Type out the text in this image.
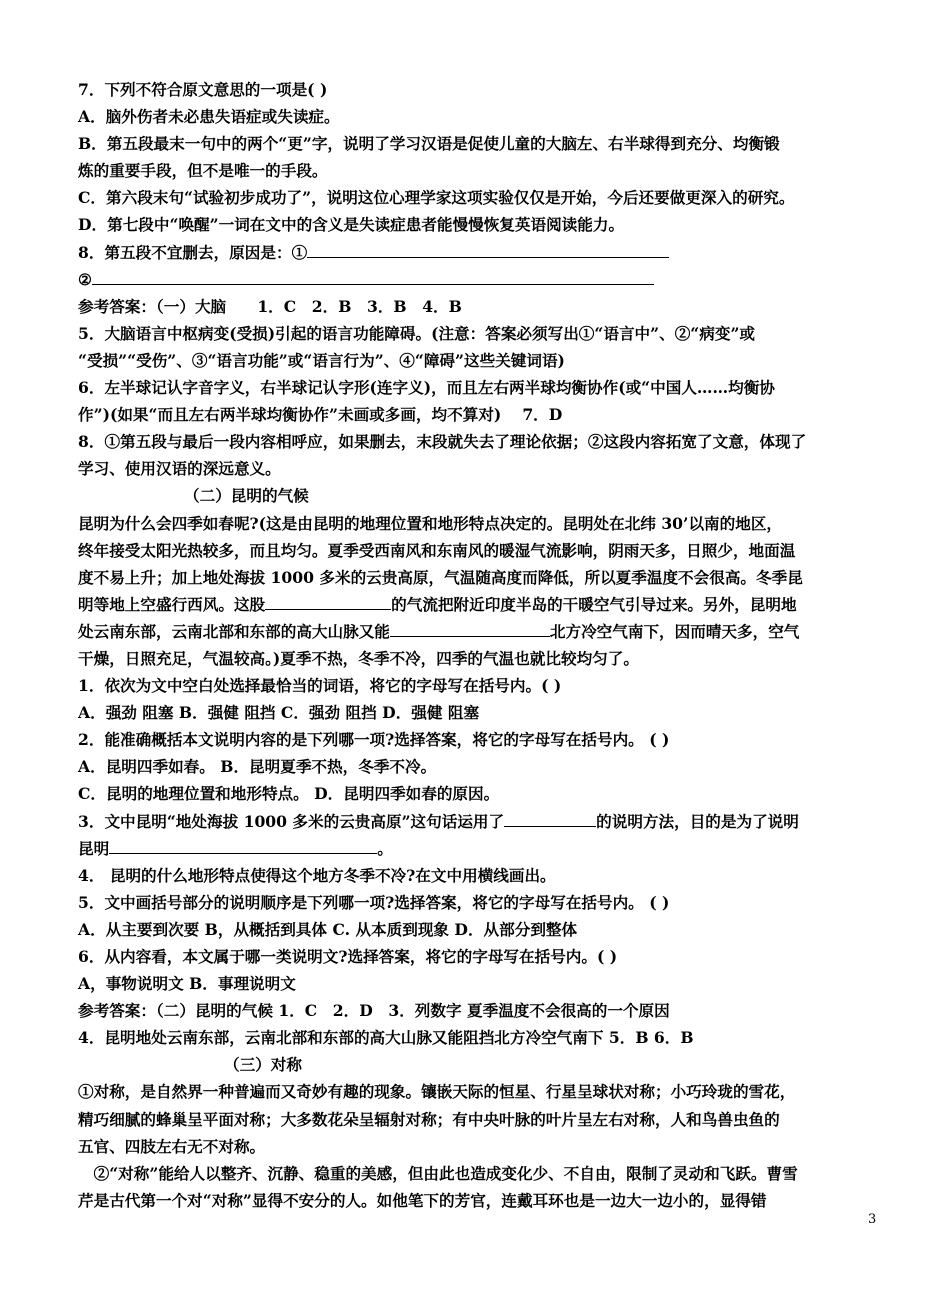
7．下列不符合原文意思的一项是( )
A．脑外伤者未必患失语症或失读症。
B．第五段最末一句中的两个“更”字，说明了学习汉语是促使儿童的大脑左、右半球得到充分、均衡锻
炼的重要手段，但不是唯一的手段。
C．第六段末句“试验初步成功了”，说明这位心理学家这项实验仅仅是开始，今后还要做更深入的研究。
D．第七段中“唤醒”一词在文中的含义是失读症患者能慢慢恢复英语阅读能力。
8．第五段不宜删去，原因是：①
②
参考答案：（一）大脑　　1．C　2．B　3．B　4．B
5．大脑语言中枢病变(受损)引起的语言功能障碍。(注意：答案必须写出①“语言中”、②“病变”或
“受损”“受伤”、③“语言功能”或“语言行为”、④“障碍”这些关键词语)
6．左半球记认字音字义，右半球记认字形(连字义)，而且左右两半球均衡协作(或“中国人……均衡协
作”)(如果“而且左右两半球均衡协作”未画或多画，均不算对)　 7．D
8．①第五段与最后一段内容相呼应，如果删去，末段就失去了理论依据；②这段内容拓宽了文意，体现了
学习、使用汉语的深远意义。
（二）昆明的气候
昆明为什么会四季如春呢?(这是由昆明的地理位置和地形特点决定的。昆明处在北纬 30’以南的地区，
终年接受太阳光热较多，而且均匀。夏季受西南风和东南风的暖湿气流影响，阴雨天多，日照少，地面温
度不易上升；加上地处海拔 1000 多米的云贵高原，气温随高度而降低，所以夏季温度不会很高。冬季昆
明等地上空盛行西风。这股	的气流把附近印度半岛的干暖空气引导过来。另外，昆明地
处云南东部，云南北部和东部的高大山脉又能	北方冷空气南下，因而晴天多，空气
干燥，日照充足，气温较高。)夏季不热，冬季不冷，四季的气温也就比较均匀了。
1．依次为文中空白处选择最恰当的词语，将它的字母写在括号内。( )
A．强劲 阻塞 B．强健 阻挡 C．强劲 阻挡 D．强健 阻塞
2．能准确概括本文说明内容的是下列哪一项?选择答案，将它的字母写在括号内。 ( )
A．昆明四季如春。 B．昆明夏季不热，冬季不冷。
C．昆明的地理位置和地形特点。 D．昆明四季如春的原因。
3．文中昆明“地处海拔 1000 多米的云贵高原”这句话运用了	的说明方法，目的是为了说明
昆明	。
4． 昆明的什么地形特点使得这个地方冬季不冷?在文中用横线画出。
5．文中画括号部分的说明顺序是下列哪一项?选择答案，将它的字母写在括号内。 ( )
A．从主要到次要 B，从概括到具体 C. 从本质到现象 D．从部分到整体
6．从内容看，本文属于哪一类说明文?选择答案，将它的字母写在括号内。( )
A，事物说明文 B．事理说明文
参考答案：（二）昆明的气候 1．C　2．D　3．列数字 夏季温度不会很高的一个原因
4．昆明地处云南东部，云南北部和东部的高大山脉又能阻挡北方冷空气南下 5．B 6．B
（三）对称
①对称，是自然界一种普遍而又奇妙有趣的现象。镶嵌天际的恒星、行星呈球状对称；小巧玲珑的雪花，
精巧细腻的蜂巢呈平面对称；大多数花朵呈辐射对称；有中央叶脉的叶片呈左右对称，人和鸟兽虫鱼的
五官、四肢左右无不对称。
　②“对称”能给人以整齐、沉静、稳重的美感，但由此也造成变化少、不自由，限制了灵动和飞跃。曹雪
芹是古代第一个对“对称”显得不安分的人。如他笔下的芳官，连戴耳环也是一边大一边小的，显得错
3
